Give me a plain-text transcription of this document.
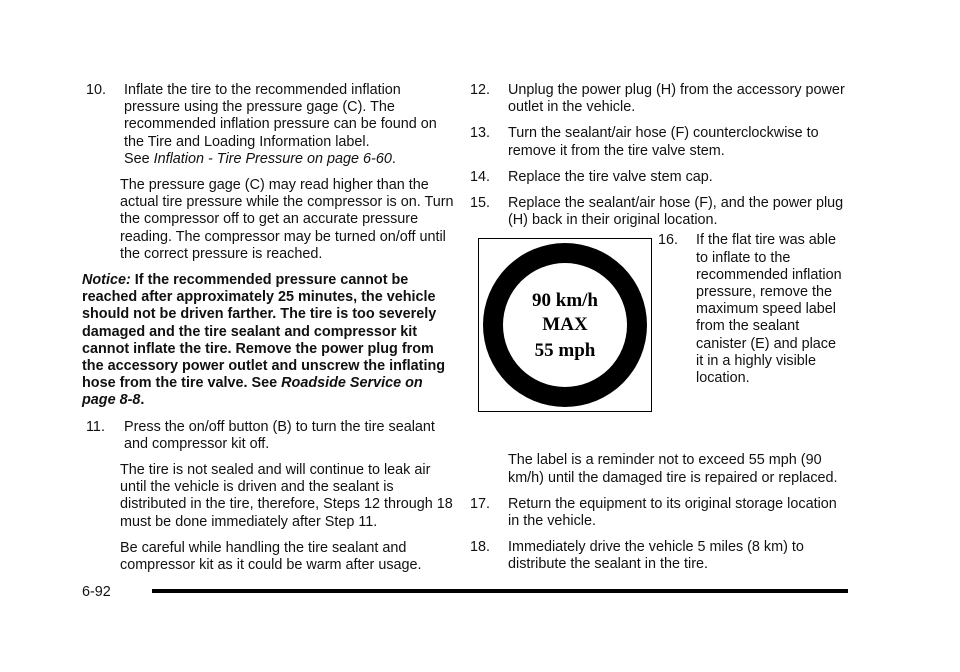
10.	Inflate the tire to the recommended inflation pressure using the pressure gage (C). The recommended inflation pressure can be found on the Tire and Loading Information label.
See Inflation - Tire Pressure on page 6-60.

The pressure gage (C) may read higher than the actual tire pressure while the compressor is on. Turn the compressor off to get an accurate pressure reading. The compressor may be turned on/off until the correct pressure is reached.

Notice: If the recommended pressure cannot be reached after approximately 25 minutes, the vehicle should not be driven farther. The tire is too severely damaged and the tire sealant and compressor kit cannot inflate the tire. Remove the power plug from the accessory power outlet and unscrew the inflating hose from the tire valve. See Roadside Service on page 8-8.

11.	Press the on/off button (B) to turn the tire sealant and compressor kit off.

The tire is not sealed and will continue to leak air until the vehicle is driven and the sealant is distributed in the tire, therefore, Steps 12 through 18 must be done immediately after Step 11.

Be careful while handling the tire sealant and compressor kit as it could be warm after usage.

12.	Unplug the power plug (H) from the accessory power outlet in the vehicle.
13.	Turn the sealant/air hose (F) counterclockwise to remove it from the tire valve stem.
14.	Replace the tire valve stem cap.
15.	Replace the sealant/air hose (F), and the power plug (H) back in their original location.
90 km/h
MAX
55 mph
16.	If the flat tire was able to inflate to the recommended inflation pressure, remove the maximum speed label from the sealant canister (E) and place it in a highly visible location.

The label is a reminder not to exceed 55 mph (90 km/h) until the damaged tire is repaired or replaced.

17.	Return the equipment to its original storage location in the vehicle.
18.	Immediately drive the vehicle 5 miles (8 km) to distribute the sealant in the tire.
6-92
